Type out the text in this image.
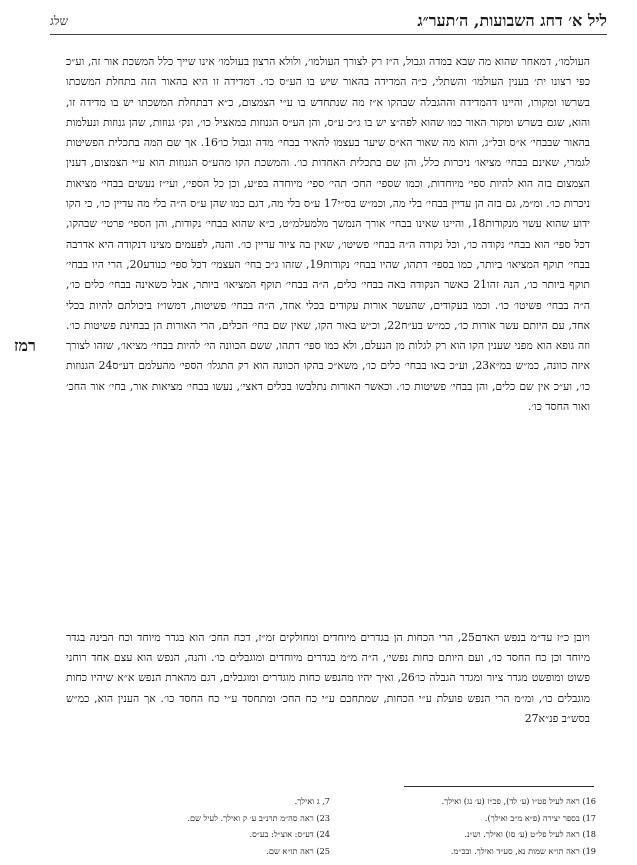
ליל א׳ דחג השבועות, ה׳תער״ג
שלג
רמז

העולמו׳, דמאחר שהוא מה שבא במדה וגבול, ה״ז רק לצורך העולמו׳, ולולא הרצון בעולמו׳ אינו שייך כלל המשכת אור זה, וע״כ כפי רצונו ית׳ בענין העולמו׳ והשתלי, כ״ה המדידה בהאור שיש בו הע״ס כו׳. דמדידה זו היא בהאור הזה בתחלת המשכתו בשרשו ומקורו, והיינו דהמדידה וההגבלה שבהקו א״ז מה שנתחדש בו ע״י הצמצום, כ״א דבתחלת המשכתו יש בו מדידה זו, והוא, שגם בשרש ומקור האור כמו שהוא לפה״צ יש בו ג״כ ע״ס, והן הע״ס הגנוזות במאציל כו׳, ונק׳ גנוזות, שהן גנוזות ונעלמות בהאור שבבחי׳ א״ס ובל״ג, והוא מה שאור הא״ס שיער בעצמו להאיר בבחי׳ מדה וגבול כו׳16. אך שם המה בתכלית הפשיטות לגמרי, שאינם בבחי׳ מציאו׳ ניכרות כלל, והן שם בתכלית האחדות כו׳. והמשכת הקו מהע״ס הגנוזות הוא ע״י הצמצום, דענין הצמצום בזה הוא להיות ספי׳ מיוחדות, וכמו שספי׳ החכ׳ תהי׳ ספי׳ מיוחדה בפ״ע, וכן כל הספי׳, ועי״ז נעשים בבחי׳ מציאות ניכרות כו׳. ומ״מ, גם בזה הן עדיין בבחי׳ בלי מה, וכמ״ש בס״י17 ע״ס בלי מה, דגם כמו שהן ע״ס ה״ה בלי מה עדיין כו׳, כי הקו ידוע שהוא עשוי מנקודות18, והיינו שאינו בבחי׳ אורך הנמשך מלמעלמ״ט, כ״א שהוא בבחי׳ נקודות, והן הספי׳ פרטי׳ שבהקו, דכל ספי׳ הוא בבחי׳ נקודה כו׳, וכל נקודה ה״ה בבחי׳ פשיטו׳, שאין בה ציור עדיין כו׳. והנה, לפעמים מצינו דנקודה היא אדרבה בבחי׳ תוקף המציאו׳ ביותר, כמו בספי׳ דתהו, שהיו בבחי׳ נקודות19, שזהו ג״כ בחי׳ העצמי׳ דכל ספי׳ כנודע20, הרי היו בבחי׳ תוקף ביותר כו׳, הנה זהו21 כאשר הנקודה באה בבחי׳ כלים, ה״ה בבחי׳ תוקף המציאו׳ ביותר, אבל כשאינה בבחי׳ כלים כו׳, ה״ה בבחי׳ פשיטו׳ כו׳. וכמו בעקודים, שהעשר אורות עקודים בכלי אחד, ה״ה בבחי׳ פשיטות, דמשו״ז ביכולתם להיות בכלי אחד, עם היותם עשר אורות כו׳, כמ״ש בע״ח22, וכ״ש באור הקו, שאין שם בחי׳ הכלים, הרי האורות הן בבחינת פשיטות כו׳. וזה גופא הוא מפני שענין הקו הוא רק לגלות מן הנעלם, ולא כמו ספי׳ דתהו, ששם הכוונה הי׳ להיות בבחי׳ מציאו׳, שזהו לצורך איזה כוונה, כמ״ש במ״א23, וע״כ באו בבחי׳ כלים כו׳, משא״כ בהקו הכוונה הוא רק התגלו׳ הספי׳ מהעלמם דע״ס24 הגנוזות כו׳, וע״כ אין שם כלים, והן בבחי׳ פשיטות כו׳. וכאשר האורות נתלבשו בכלים דאצי׳, נעשו בבחי׳ מציאות אור, בחי׳ אור החכ׳ ואור החסד כו׳.

ויובן כ״ז עד״מ בנפש האדם25, הרי הכחות הן בגדרים מיוחדים ומחולקים זמ״ז, דכח החכ׳ הוא בגדר מיוחד וכח הבינה בגדר מיוחד וכן כח החסד כו׳, ועם היותם כחות נפשי׳, ה״ה מ״מ בגדרים מיוחדים ומוגבלים כו׳. והנה, הנפש הוא עצם אחד רוחני פשוט ומופשט מגדר ציור ומגדר הגבלה כו׳26, ואיך יהיו מהנפש כחות מוגדרים ומוגבלים, דגם מהארת הנפש א״א שיהיו כחות מוגבלים כו׳, ומ״מ הרי הנפש פועלת ע״י הכחות, שמתחכם ע״י כח החכ׳ ומתחסד ע״י כח החסד כו׳. אך הענין הוא, כמ״ש בסש״ב פנ״א27

16) ראה לעיל פט״ו (ע׳ לד), פכ״ז (ע׳ נג) ואילך.
7, ג ואילך.
17) בספר יצירה (פ״א מ״ב ואילך).
23) ראה סה״מ תרנ״ב ע׳ ק ואילך. לעיל שם.
18) ראה לעיל פל״ט (ע׳ סו) ואילך. וש״נ.
24) דע״ס: אוצ״ל: בע״ס.
19) ראה תו״א שמות נא, סע״ד ואילך. ובכ״מ.
25) ראה תו״א שם.
